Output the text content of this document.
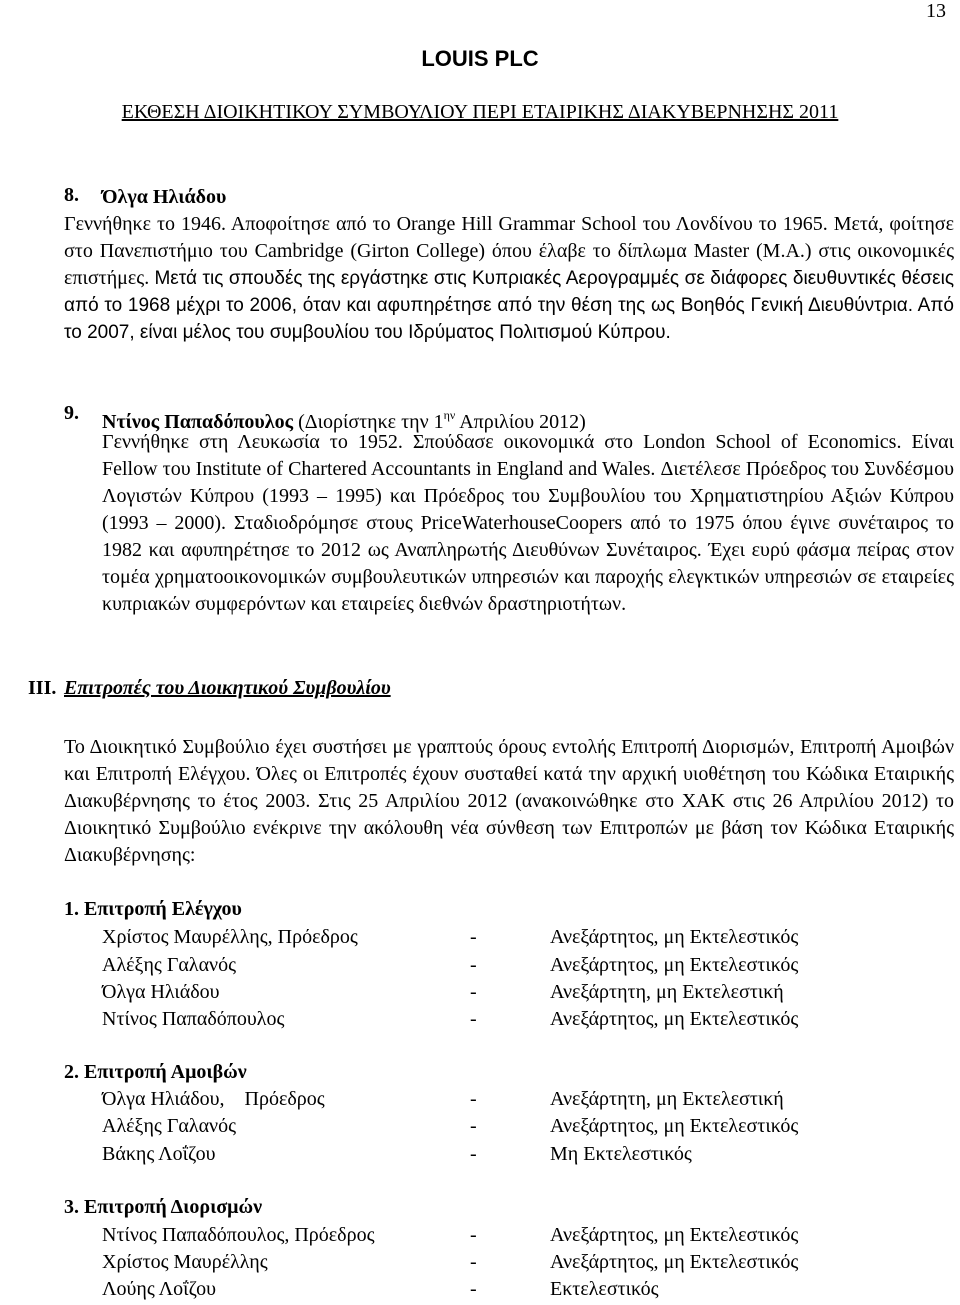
13
LOUIS PLC
ΕΚΘΕΣΗ ΔΙΟΙΚΗΤΙΚΟΥ ΣΥΜΒΟΥΛΙΟΥ ΠΕΡΙ ΕΤΑΙΡΙΚΗΣ ΔΙΑΚΥΒΕΡΝΗΣΗΣ 2011
8. Όλγα Ηλιάδου
Γεννήθηκε το 1946. Αποφοίτησε από το Orange Hill Grammar School του Λονδίνου το 1965. Μετά, φοίτησε στο Πανεπιστήμιο του Cambridge (Girton College) όπου έλαβε το δίπλωμα Master (M.A.) στις οικονομικές επιστήμες. Μετά τις σπουδές της εργάστηκε στις Κυπριακές Αερογραμμές σε διάφορες διευθυντικές θέσεις από το 1968 μέχρι το 2006, όταν και αφυπηρέτησε από την θέση της ως Βοηθός Γενική Διευθύντρια. Από το 2007, είναι μέλος του συμβουλίου του Ιδρύματος Πολιτισμού Κύπρου.
9. Ντίνος Παπαδόπουλος (Διορίστηκε την $1^{\eta\nu}$ Απριλίου 2012)
Γεννήθηκε στη Λευκωσία το 1952. Σπούδασε οικονομικά στο London School of Economics. Είναι Fellow του Institute of Chartered Accountants in England and Wales. Διετέλεσε Πρόεδρος του Συνδέσμου Λογιστών Κύπρου (1993 – 1995) και Πρόεδρος του Συμβουλίου του Χρηματιστηρίου Αξιών Κύπρου (1993 – 2000). Σταδιοδρόμησε στους PriceWaterhouseCoopers από το 1975 όπου έγινε συνέταιρος το 1982 και αφυπηρέτησε το 2012 ως Αναπληρωτής Διευθύνων Συνέταιρος. Έχει ευρύ φάσμα πείρας στον τομέα χρηματοοικονομικών συμβουλευτικών υπηρεσιών και παροχής ελεγκτικών υπηρεσιών σε εταιρείες κυπριακών συμφερόντων και εταιρείες διεθνών δραστηριοτήτων.
III. Επιτροπές του Διοικητικού Συμβουλίου
Το Διοικητικό Συμβούλιο έχει συστήσει με γραπτούς όρους εντολής Επιτροπή Διορισμών, Επιτροπή Αμοιβών και Επιτροπή Ελέγχου. Όλες οι Επιτροπές έχουν συσταθεί κατά την αρχική υιοθέτηση του Κώδικα Εταιρικής Διακυβέρνησης το έτος 2003. Στις 25 Απριλίου 2012 (ανακοινώθηκε στο ΧΑΚ στις 26 Απριλίου 2012) το Διοικητικό Συμβούλιο ενέκρινε την ακόλουθη νέα σύνθεση των Επιτροπών με βάση τον Κώδικα Εταιρικής Διακυβέρνησης:
1. Επιτροπή Ελέγχου
Χρίστος Μαυρέλλης, Πρόεδρος	-	Ανεξάρτητος, μη Εκτελεστικός
Αλέξης Γαλανός	-	Ανεξάρτητος, μη Εκτελεστικός
Όλγα Ηλιάδου	-	Ανεξάρτητη, μη Εκτελεστική
Ντίνος Παπαδόπουλος	-	Ανεξάρτητος, μη Εκτελεστικός
2. Επιτροπή Αμοιβών
Όλγα Ηλιάδου,    Πρόεδρος	-	Ανεξάρτητη, μη Εκτελεστική
Αλέξης Γαλανός	-	Ανεξάρτητος, μη Εκτελεστικός
Βάκης Λοΐζου	-	Μη Εκτελεστικός
3. Επιτροπή Διορισμών
Ντίνος Παπαδόπουλος, Πρόεδρος	-	Ανεξάρτητος, μη Εκτελεστικός
Χρίστος Μαυρέλλης	-	Ανεξάρτητος, μη Εκτελεστικός
Λούης Λοΐζου	-	Εκτελεστικός
